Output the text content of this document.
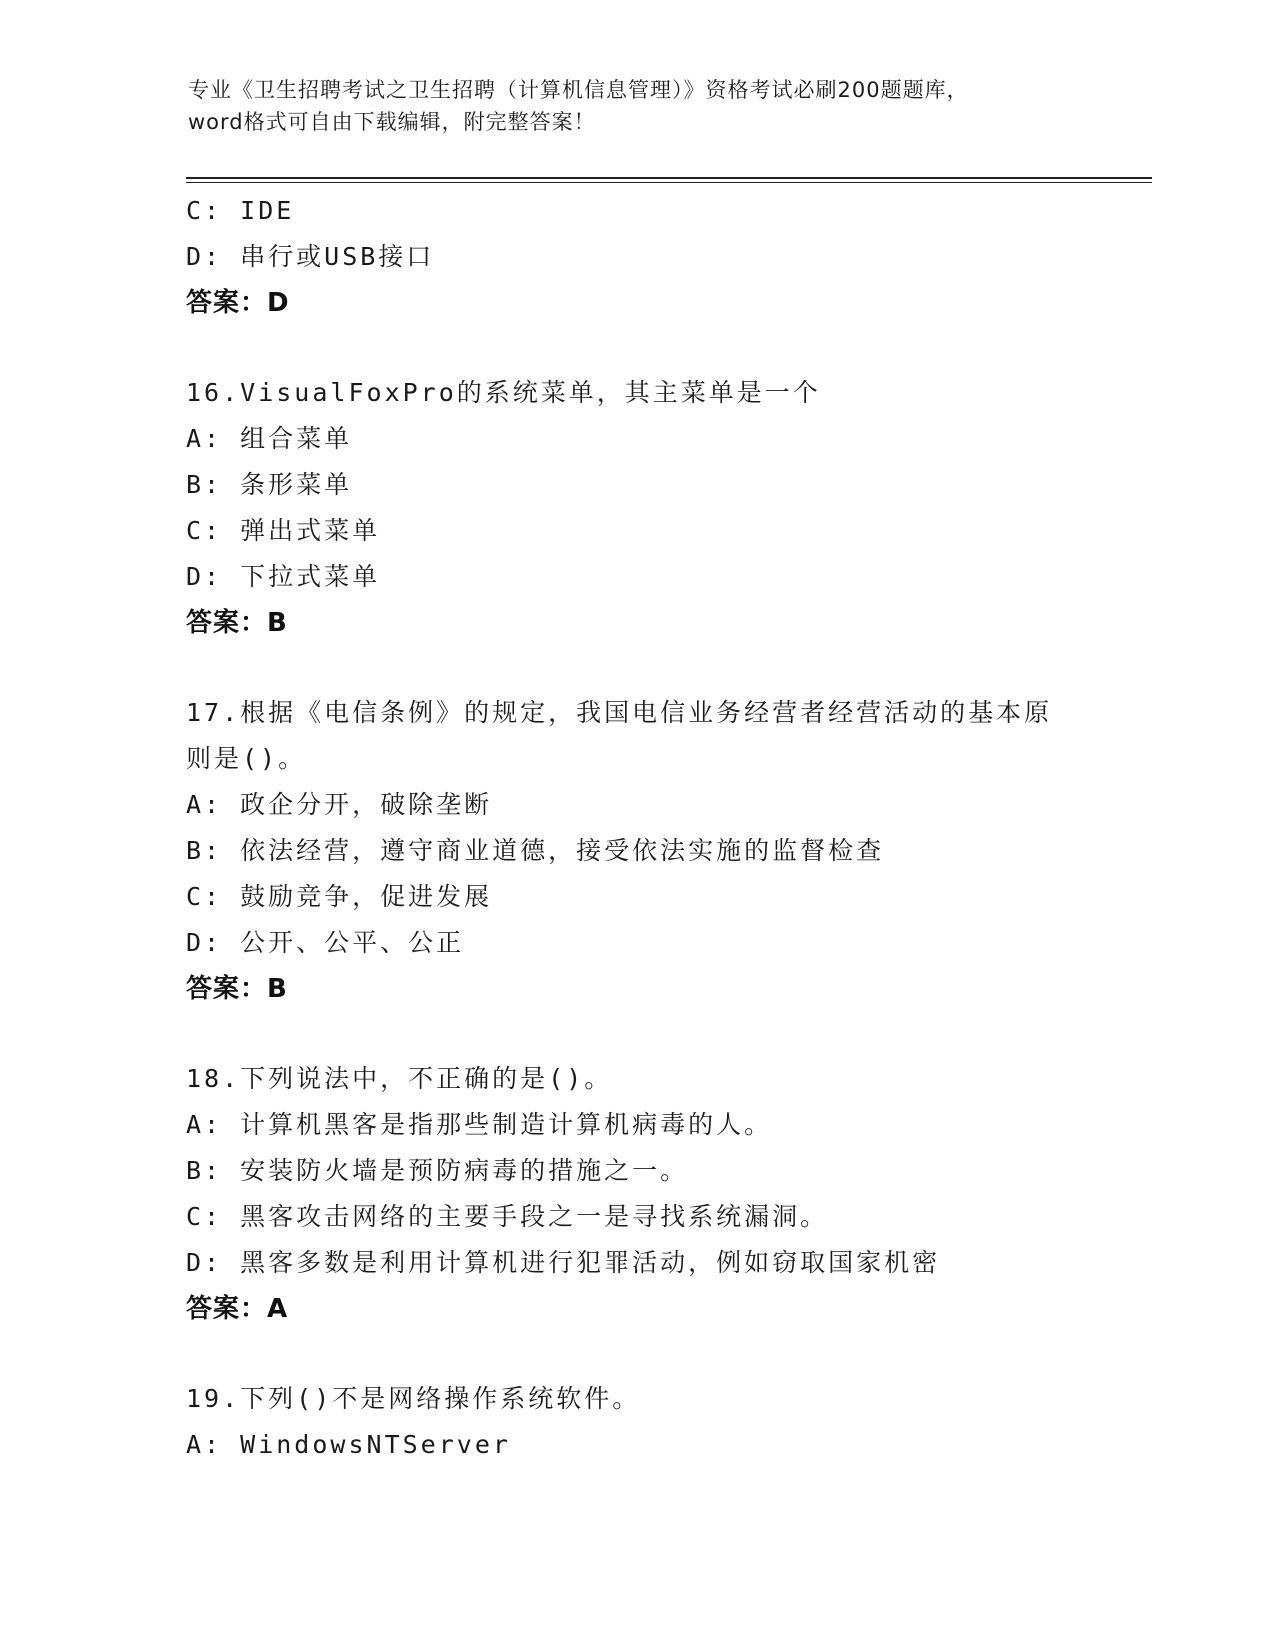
专业《卫生招聘考试之卫生招聘（计算机信息管理）》资格考试必刷200题题库，
word格式可自由下载编辑，附完整答案！
C: IDE
D: 串行或USB接口
答案：D
16.VisualFoxPro的系统菜单，其主菜单是一个
A: 组合菜单
B: 条形菜单
C: 弹出式菜单
D: 下拉式菜单
答案：B
17.根据《电信条例》的规定，我国电信业务经营者经营活动的基本原
则是()。
A: 政企分开，破除垄断
B: 依法经营，遵守商业道德，接受依法实施的监督检查
C: 鼓励竞争，促进发展
D: 公开、公平、公正
答案：B
18.下列说法中，不正确的是()。
A: 计算机黑客是指那些制造计算机病毒的人。
B: 安装防火墙是预防病毒的措施之一。
C: 黑客攻击网络的主要手段之一是寻找系统漏洞。
D: 黑客多数是利用计算机进行犯罪活动，例如窃取国家机密
答案：A
19.下列()不是网络操作系统软件。
A: WindowsNTServer
